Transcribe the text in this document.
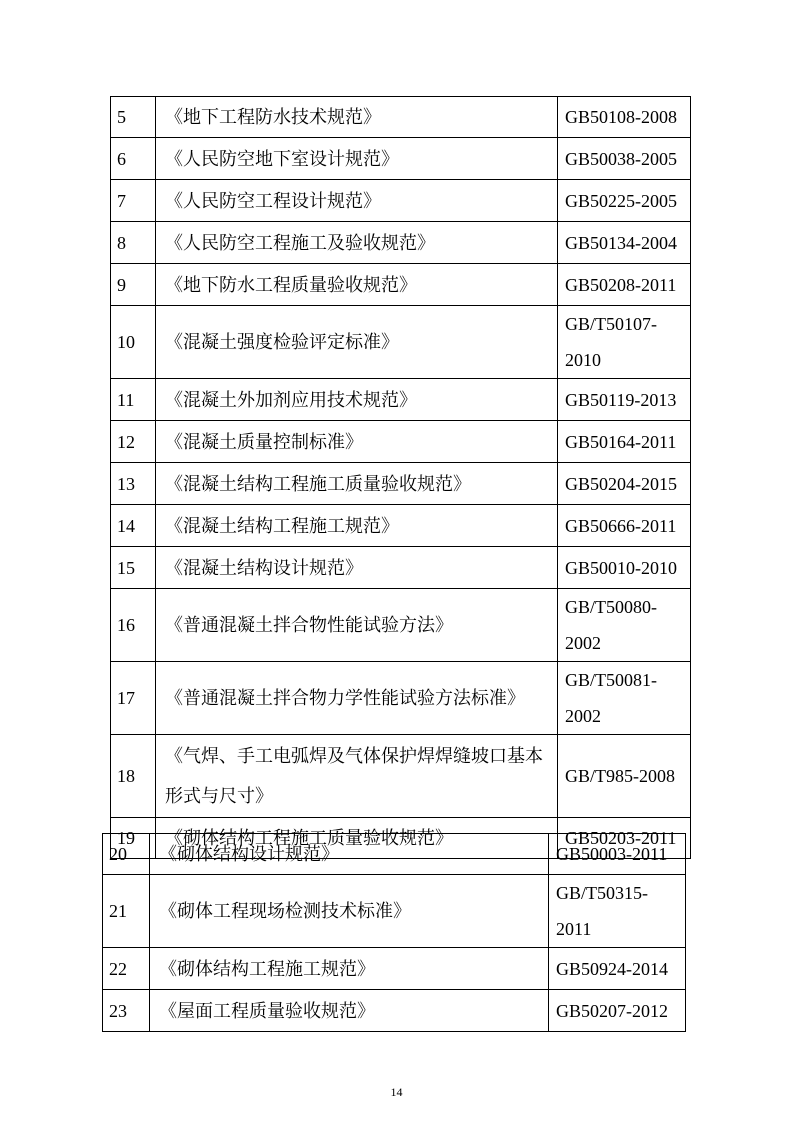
5	《地下工程防水技术规范》	GB50108-2008
6	《人民防空地下室设计规范》	GB50038-2005
7	《人民防空工程设计规范》	GB50225-2005
8	《人民防空工程施工及验收规范》	GB50134-2004
9	《地下防水工程质量验收规范》	GB50208-2011
10	《混凝土强度检验评定标准》	GB/T50107-2010

11	《混凝土外加剂应用技术规范》	GB50119-2013
12	《混凝土质量控制标准》	GB50164-2011
13	《混凝土结构工程施工质量验收规范》	GB50204-2015
14	《混凝土结构工程施工规范》	GB50666-2011
15	《混凝土结构设计规范》	GB50010-2010
16	《普通混凝土拌合物性能试验方法》	GB/T50080-2002

17	《普通混凝土拌合物力学性能试验方法标准》	GB/T50081-2002

18	《气焊、手工电弧焊及气体保护焊焊缝坡口基本形式与尺寸》	GB/T985-2008
19	《砌体结构工程施工质量验收规范》	GB50203-2011
20	《砌体结构设计规范》	GB50003-2011
21	《砌体工程现场检测技术标准》	GB/T50315-2011

22	《砌体结构工程施工规范》	GB50924-2014
23	《屋面工程质量验收规范》	GB50207-2012
14
